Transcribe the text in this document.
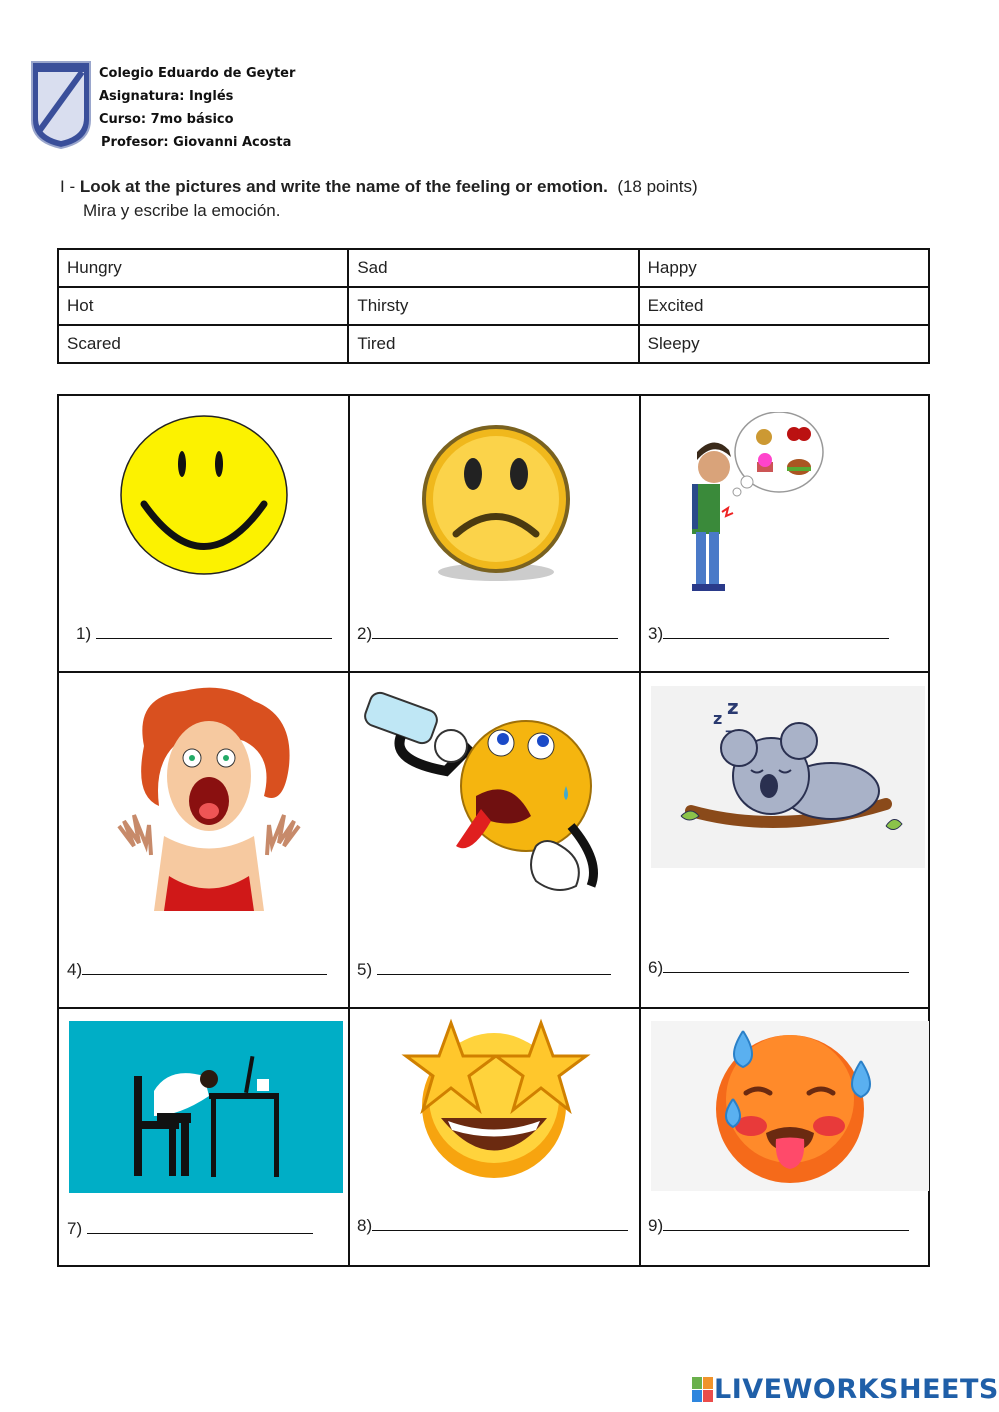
Colegio Eduardo de Geyter
Asignatura: Inglés
Curso: 7mo básico
Profesor: Giovanni Acosta
I - Look at the pictures and write the name of the feeling or emotion. (18 points)
Mira y escribe la emoción.
Hungry	Sad	Happy
Hot	Thirsty	Excited
Scared	Tired	Sleepy
z z
1)	2)	3)
4)	5)	6)
7)	8)	9)
LIVEWORKSHEETS
